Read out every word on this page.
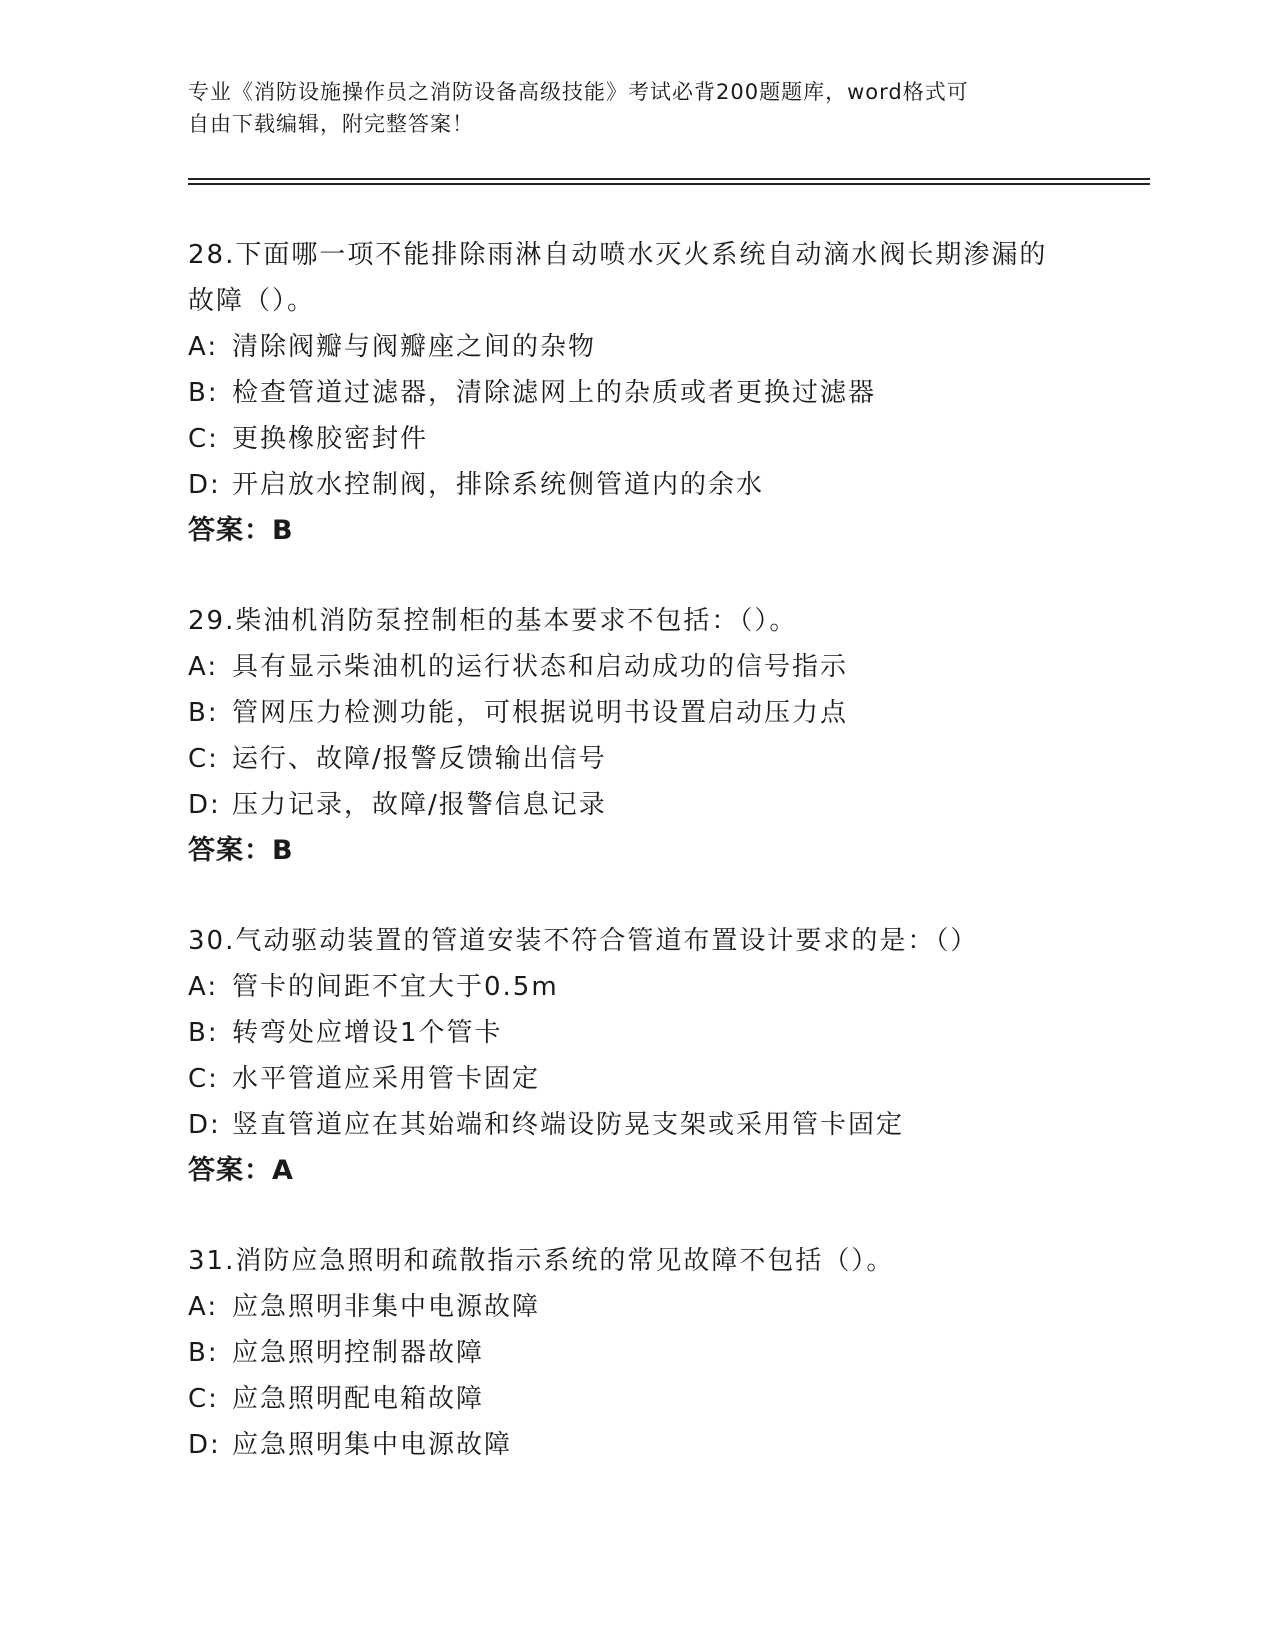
专业《消防设施操作员之消防设备高级技能》考试必背200题题库，word格式可
自由下载编辑，附完整答案！

28.下面哪一项不能排除雨淋自动喷水灭火系统自动滴水阀长期渗漏的

故障（）。

A: 清除阀瓣与阀瓣座之间的杂物

B: 检查管道过滤器，清除滤网上的杂质或者更换过滤器

C: 更换橡胶密封件

D: 开启放水控制阀，排除系统侧管道内的余水

答案：B

29.柴油机消防泵控制柜的基本要求不包括：（）。

A: 具有显示柴油机的运行状态和启动成功的信号指示

B: 管网压力检测功能，可根据说明书设置启动压力点

C: 运行、故障/报警反馈输出信号

D: 压力记录，故障/报警信息记录

答案：B

30.气动驱动装置的管道安装不符合管道布置设计要求的是：（）

A: 管卡的间距不宜大于0.5m

B: 转弯处应增设1个管卡

C: 水平管道应采用管卡固定

D: 竖直管道应在其始端和终端设防晃支架或采用管卡固定

答案：A

31.消防应急照明和疏散指示系统的常见故障不包括（）。

A: 应急照明非集中电源故障

B: 应急照明控制器故障

C: 应急照明配电箱故障

D: 应急照明集中电源故障
